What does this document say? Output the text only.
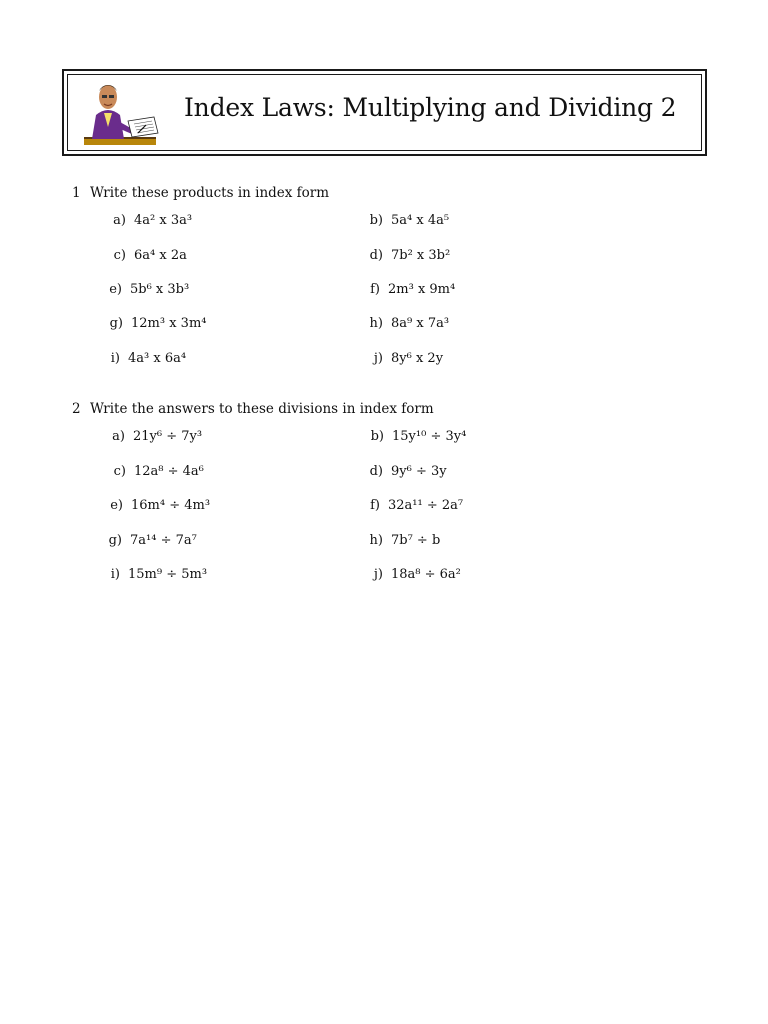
Index Laws: Multiplying and Dividing 2
1 Write these products in index form
a) 4a² x 3a³	b) 5a⁴ x 4a⁵
c) 6a⁴ x 2a	d) 7b² x 3b²
e) 5b⁶ x 3b³	f) 2m³ x 9m⁴
g) 12m³ x 3m⁴	h) 8a⁹ x 7a³
i) 4a³ x 6a⁴	j) 8y⁶ x 2y
2 Write the answers to these divisions in index form
a) 21y⁶ ÷ 7y³	b) 15y¹⁰ ÷ 3y⁴
c) 12a⁸ ÷ 4a⁶	d) 9y⁶ ÷ 3y
e) 16m⁴ ÷ 4m³	f) 32a¹¹ ÷ 2a⁷
g) 7a¹⁴ ÷ 7a⁷	h) 7b⁷ ÷ b
i) 15m⁹ ÷ 5m³	j) 18a⁸ ÷ 6a²
